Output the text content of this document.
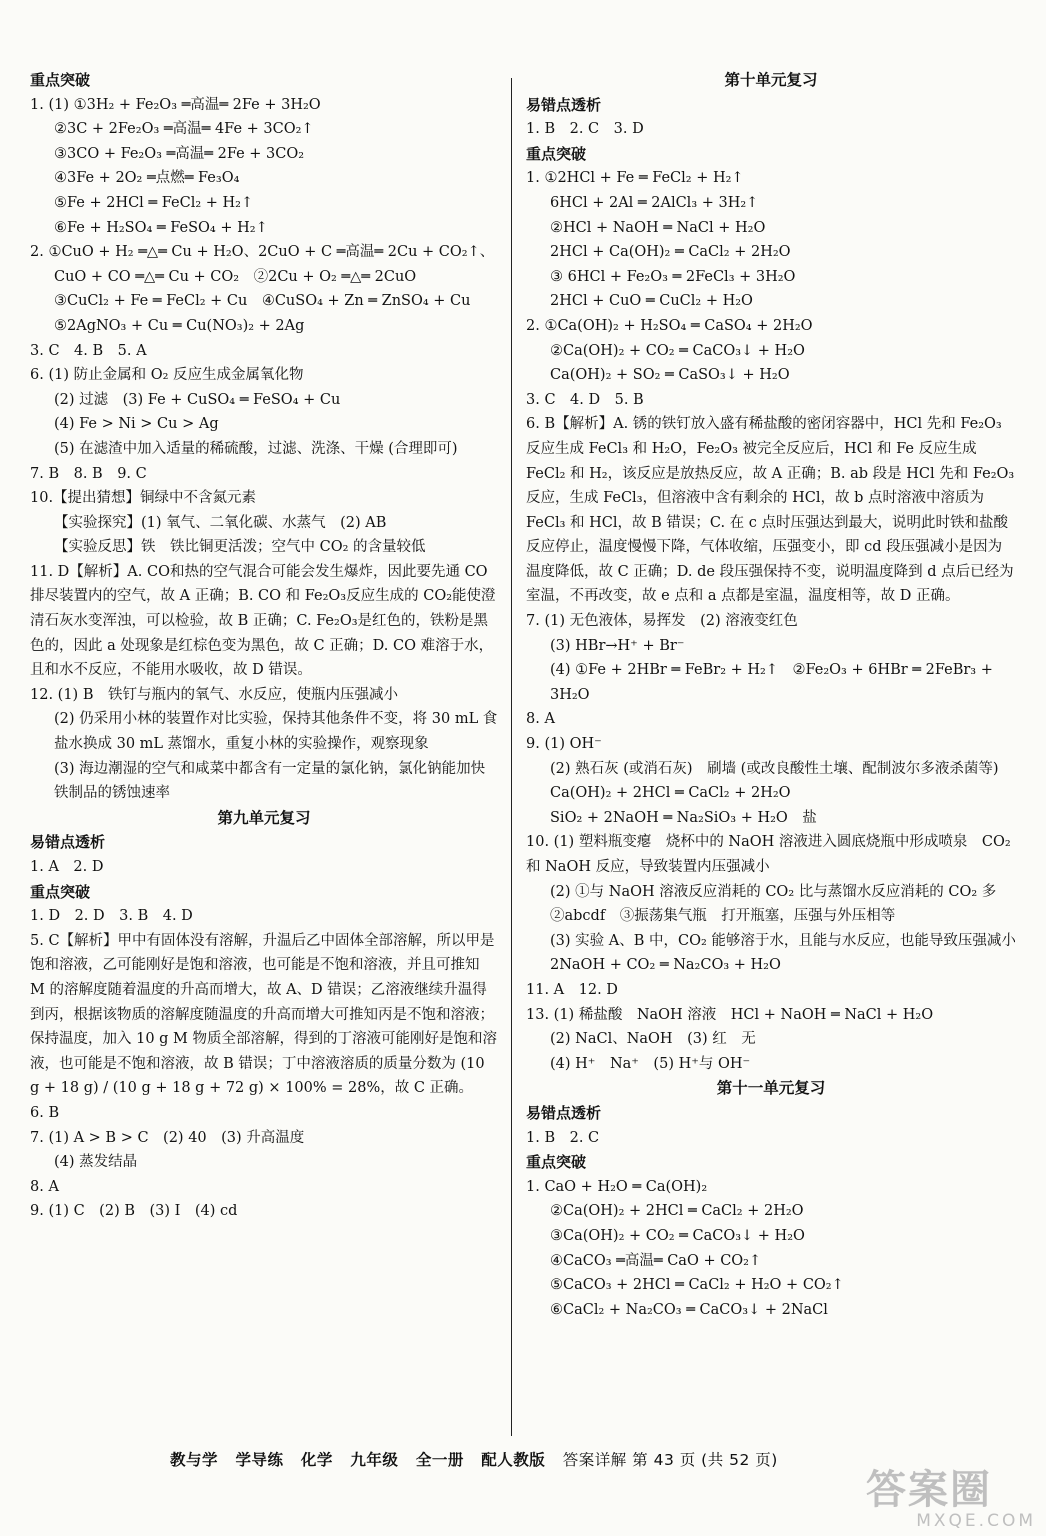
重点突破

1. (1) ①3H₂ + Fe₂O₃ ═高温═ 2Fe + 3H₂O

②3C + 2Fe₂O₃ ═高温═ 4Fe + 3CO₂↑

③3CO + Fe₂O₃ ═高温═ 2Fe + 3CO₂

④3Fe + 2O₂ ═点燃═ Fe₃O₄

⑤Fe + 2HCl ═ FeCl₂ + H₂↑

⑥Fe + H₂SO₄ ═ FeSO₄ + H₂↑

2. ①CuO + H₂ ═△═ Cu + H₂O、2CuO + C ═高温═ 2Cu + CO₂↑、

CuO + CO ═△═ Cu + CO₂　②2Cu + O₂ ═△═ 2CuO

③CuCl₂ + Fe ═ FeCl₂ + Cu　④CuSO₄ + Zn ═ ZnSO₄ + Cu

⑤2AgNO₃ + Cu ═ Cu(NO₃)₂ + 2Ag

3. C　4. B　5. A

6. (1) 防止金属和 O₂ 反应生成金属氧化物

(2) 过滤　(3) Fe + CuSO₄ ═ FeSO₄ + Cu

(4) Fe > Ni > Cu > Ag

(5) 在滤渣中加入适量的稀硫酸，过滤、洗涤、干燥 (合理即可)

7. B　8. B　9. C

10.【提出猜想】铜绿中不含氮元素

【实验探究】(1) 氧气、二氧化碳、水蒸气　(2) AB

【实验反思】铁　铁比铜更活泼；空气中 CO₂ 的含量较低

11. D【解析】A. CO和热的空气混合可能会发生爆炸，因此要先通 CO 排尽装置内的空气，故 A 正确；B. CO 和 Fe₂O₃反应生成的 CO₂能使澄清石灰水变浑浊，可以检验，故 B 正确；C. Fe₂O₃是红色的，铁粉是黑色的，因此 a 处现象是红棕色变为黑色，故 C 正确；D. CO 难溶于水，且和水不反应，不能用水吸收，故 D 错误。

12. (1) B　铁钉与瓶内的氧气、水反应，使瓶内压强减小

(2) 仍采用小林的装置作对比实验，保持其他条件不变，将 30 mL 食盐水换成 30 mL 蒸馏水，重复小林的实验操作，观察现象

(3) 海边潮湿的空气和咸菜中都含有一定量的氯化钠，氯化钠能加快铁制品的锈蚀速率

第九单元复习

易错点透析

1. A　2. D

重点突破

1. D　2. D　3. B　4. D

5. C【解析】甲中有固体没有溶解，升温后乙中固体全部溶解，所以甲是饱和溶液，乙可能刚好是饱和溶液，也可能是不饱和溶液，并且可推知 M 的溶解度随着温度的升高而增大，故 A、D 错误；乙溶液继续升温得到丙，根据该物质的溶解度随温度的升高而增大可推知丙是不饱和溶液；保持温度，加入 10 g M 物质全部溶解，得到的丁溶液可能刚好是饱和溶液，也可能是不饱和溶液，故 B 错误；丁中溶液溶质的质量分数为 (10 g + 18 g) / (10 g + 18 g + 72 g) × 100% = 28%，故 C 正确。

6. B

7. (1) A > B > C　(2) 40　(3) 升高温度

(4) 蒸发结晶

8. A

9. (1) C　(2) B　(3) Ⅰ　(4) cd

第十单元复习

易错点透析

1. B　2. C　3. D

重点突破

1. ①2HCl + Fe ═ FeCl₂ + H₂↑

6HCl + 2Al ═ 2AlCl₃ + 3H₂↑

②HCl + NaOH ═ NaCl + H₂O

2HCl + Ca(OH)₂ ═ CaCl₂ + 2H₂O

③ 6HCl + Fe₂O₃ ═ 2FeCl₃ + 3H₂O

2HCl + CuO ═ CuCl₂ + H₂O

2. ①Ca(OH)₂ + H₂SO₄ ═ CaSO₄ + 2H₂O

②Ca(OH)₂ + CO₂ ═ CaCO₃↓ + H₂O

Ca(OH)₂ + SO₂ ═ CaSO₃↓ + H₂O

3. C　4. D　5. B

6. B【解析】A. 锈的铁钉放入盛有稀盐酸的密闭容器中，HCl 先和 Fe₂O₃ 反应生成 FeCl₃ 和 H₂O，Fe₂O₃ 被完全反应后，HCl 和 Fe 反应生成 FeCl₂ 和 H₂，该反应是放热反应，故 A 正确；B. ab 段是 HCl 先和 Fe₂O₃ 反应，生成 FeCl₃，但溶液中含有剩余的 HCl，故 b 点时溶液中溶质为 FeCl₃ 和 HCl，故 B 错误；C. 在 c 点时压强达到最大，说明此时铁和盐酸反应停止，温度慢慢下降，气体收缩，压强变小，即 cd 段压强减小是因为温度降低，故 C 正确；D. de 段压强保持不变，说明温度降到 d 点后已经为室温，不再改变，故 e 点和 a 点都是室温，温度相等，故 D 正确。

7. (1) 无色液体，易挥发　(2) 溶液变红色

(3) HBr→H⁺ + Br⁻

(4) ①Fe + 2HBr ═ FeBr₂ + H₂↑　②Fe₂O₃ + 6HBr ═ 2FeBr₃ + 3H₂O

8. A

9. (1) OH⁻

(2) 熟石灰 (或消石灰)　刷墙 (或改良酸性土壤、配制波尔多液杀菌等)　Ca(OH)₂ + 2HCl ═ CaCl₂ + 2H₂O

SiO₂ + 2NaOH ═ Na₂SiO₃ + H₂O　盐

10. (1) 塑料瓶变瘪　烧杯中的 NaOH 溶液进入圆底烧瓶中形成喷泉　CO₂ 和 NaOH 反应，导致装置内压强减小

(2) ①与 NaOH 溶液反应消耗的 CO₂ 比与蒸馏水反应消耗的 CO₂ 多　②abcdf　③振荡集气瓶　打开瓶塞，压强与外压相等

(3) 实验 A、B 中，CO₂ 能够溶于水，且能与水反应，也能导致压强减小　2NaOH + CO₂ ═ Na₂CO₃ + H₂O

11. A　12. D

13. (1) 稀盐酸　NaOH 溶液　HCl + NaOH ═ NaCl + H₂O

(2) NaCl、NaOH　(3) 红　无

(4) H⁺　Na⁺　(5) H⁺与 OH⁻

第十一单元复习

易错点透析

1. B　2. C

重点突破

1. CaO + H₂O ═ Ca(OH)₂

②Ca(OH)₂ + 2HCl ═ CaCl₂ + 2H₂O

③Ca(OH)₂ + CO₂ ═ CaCO₃↓ + H₂O

④CaCO₃ ═高温═ CaO + CO₂↑

⑤CaCO₃ + 2HCl ═ CaCl₂ + H₂O + CO₂↑

⑥CaCl₂ + Na₂CO₃ ═ CaCO₃↓ + 2NaCl

教与学 学导练 化学 九年级 全一册 配人教版 答案详解 第 43 页 (共 52 页)
答案圈
MXQE.COM
